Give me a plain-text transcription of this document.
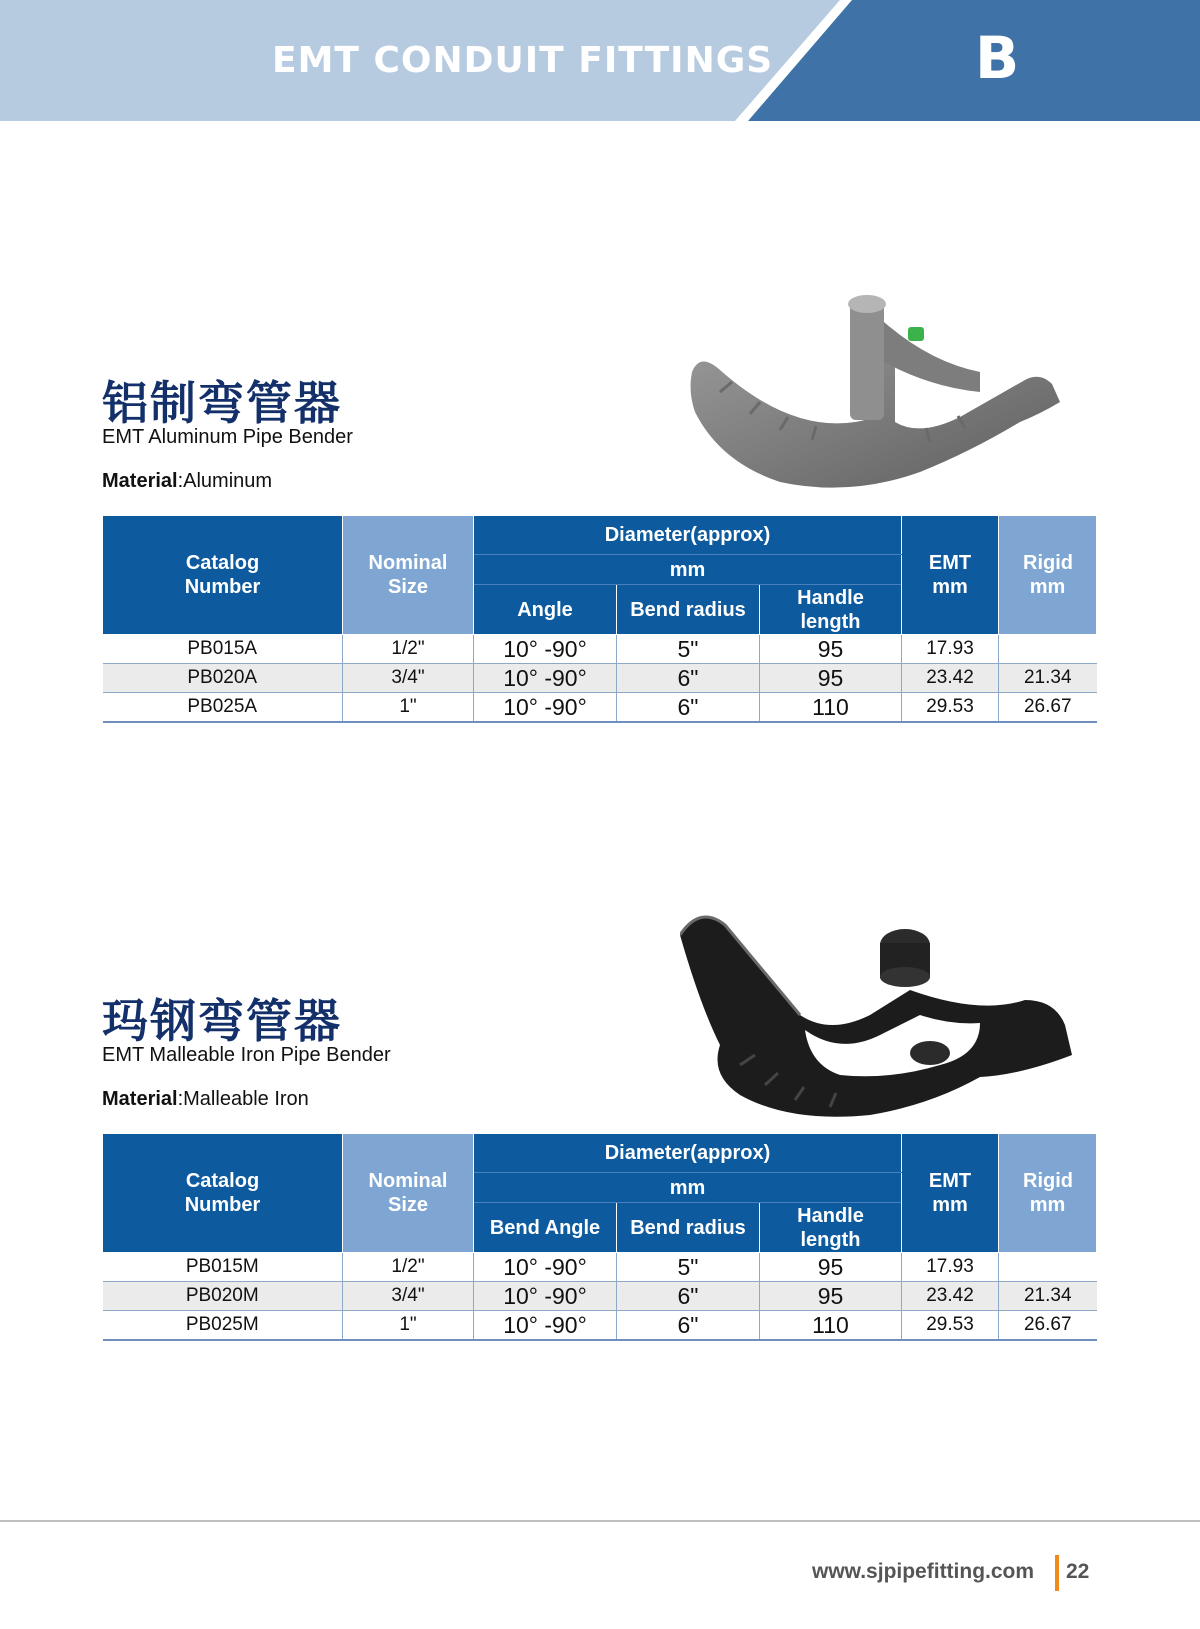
EMT CONDUIT FITTINGS	B
铝制弯管器
EMT Aluminum Pipe Bender
Material:Aluminum
Catalog Number	Nominal Size	Diameter(approx)			EMT mm	Rigid mm
		mm				
		Angle	Bend radius	Handle length		
PB015A	1/2"	10° -90°	5"	95	17.93	
PB020A	3/4"	10° -90°	6"	95	23.42	21.34
PB025A	1"	10° -90°	6"	110	29.53	26.67
玛钢弯管器
EMT Malleable Iron Pipe Bender
Material:Malleable Iron
Catalog Number	Nominal Size	Diameter(approx)			EMT mm	Rigid mm
		mm				
		Bend Angle	Bend radius	Handle length		
PB015M	1/2"	10° -90°	5"	95	17.93	
PB020M	3/4"	10° -90°	6"	95	23.42	21.34
PB025M	1"	10° -90°	6"	110	29.53	26.67
www.sjpipefitting.com 22
